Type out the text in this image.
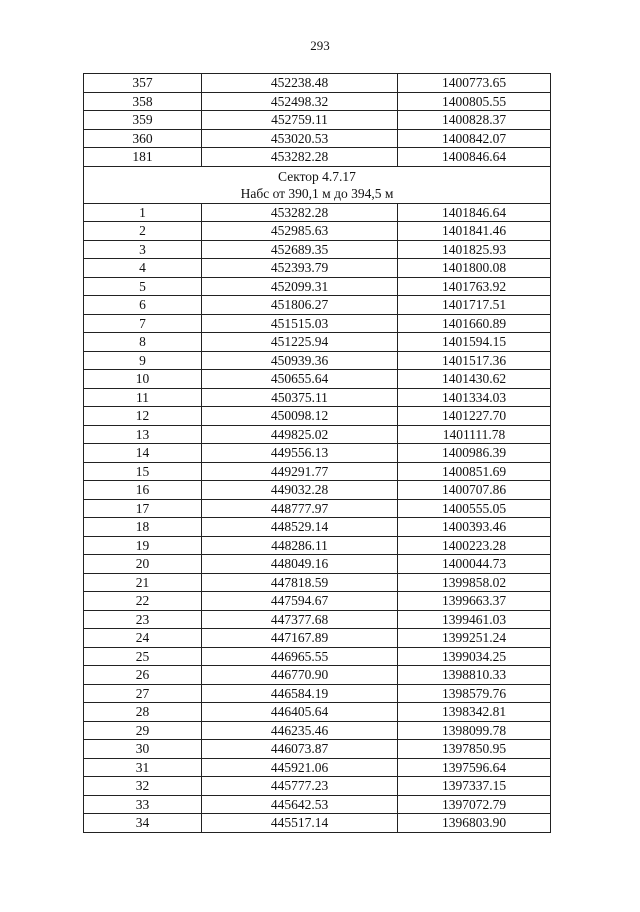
293
357	452238.48	1400773.65
358	452498.32	1400805.55
359	452759.11	1400828.37
360	453020.53	1400842.07
181	453282.28	1400846.64

Сектор 4.7.17
Набс от 390,1 м до 394,5 м		

1	453282.28	1401846.64
2	452985.63	1401841.46
3	452689.35	1401825.93
4	452393.79	1401800.08
5	452099.31	1401763.92
6	451806.27	1401717.51
7	451515.03	1401660.89
8	451225.94	1401594.15
9	450939.36	1401517.36
10	450655.64	1401430.62
11	450375.11	1401334.03
12	450098.12	1401227.70
13	449825.02	1401111.78
14	449556.13	1400986.39
15	449291.77	1400851.69
16	449032.28	1400707.86
17	448777.97	1400555.05
18	448529.14	1400393.46
19	448286.11	1400223.28
20	448049.16	1400044.73
21	447818.59	1399858.02
22	447594.67	1399663.37
23	447377.68	1399461.03
24	447167.89	1399251.24
25	446965.55	1399034.25
26	446770.90	1398810.33
27	446584.19	1398579.76
28	446405.64	1398342.81
29	446235.46	1398099.78
30	446073.87	1397850.95
31	445921.06	1397596.64
32	445777.23	1397337.15
33	445642.53	1397072.79
34	445517.14	1396803.90
